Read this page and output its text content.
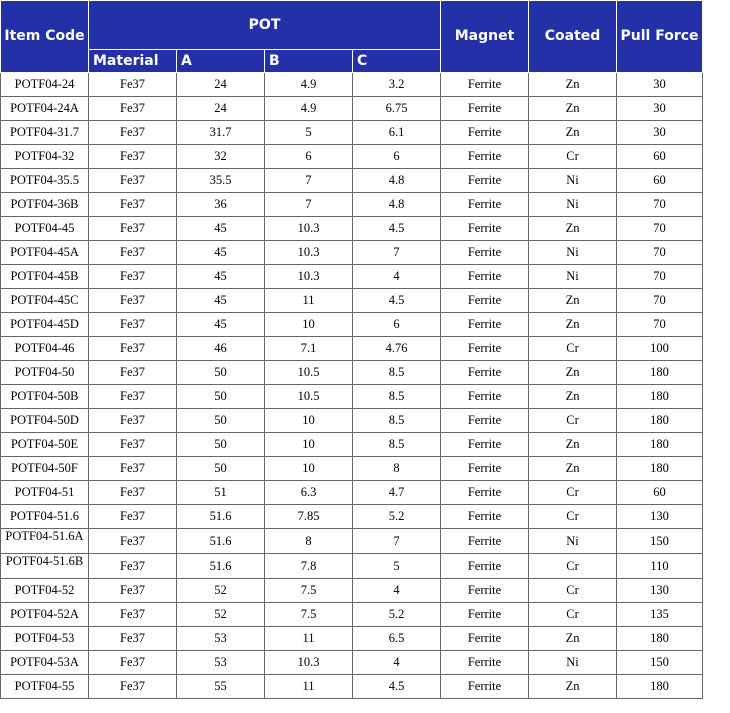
Item Code	POT				Magnet	Coated	Pull Force	
	Material	A	B	C				(N)
POTF04-24	Fe37	24	4.9	3.2	Ferrite	Zn	30	
POTF04-24A	Fe37	24	4.9	6.75	Ferrite	Zn	30	
POTF04-31.7	Fe37	31.7	5	6.1	Ferrite	Zn	30	
POTF04-32	Fe37	32	6	6	Ferrite	Cr	60	
POTF04-35.5	Fe37	35.5	7	4.8	Ferrite	Ni	60	
POTF04-36B	Fe37	36	7	4.8	Ferrite	Ni	70	
POTF04-45	Fe37	45	10.3	4.5	Ferrite	Zn	70	
POTF04-45A	Fe37	45	10.3	7	Ferrite	Ni	70	
POTF04-45B	Fe37	45	10.3	4	Ferrite	Ni	70	
POTF04-45C	Fe37	45	11	4.5	Ferrite	Zn	70	
POTF04-45D	Fe37	45	10	6	Ferrite	Zn	70	
POTF04-46	Fe37	46	7.1	4.76	Ferrite	Cr	100	
POTF04-50	Fe37	50	10.5	8.5	Ferrite	Zn	180	
POTF04-50B	Fe37	50	10.5	8.5	Ferrite	Zn	180	
POTF04-50D	Fe37	50	10	8.5	Ferrite	Cr	180	
POTF04-50E	Fe37	50	10	8.5	Ferrite	Zn	180	
POTF04-50F	Fe37	50	10	8	Ferrite	Zn	180	
POTF04-51	Fe37	51	6.3	4.7	Ferrite	Cr	60	
POTF04-51.6	Fe37	51.6	7.85	5.2	Ferrite	Cr	130	
POTF04-51.6A	Fe37	51.6	8	7	Ferrite	Ni	150	
POTF04-51.6B	Fe37	51.6	7.8	5	Ferrite	Cr	110	
POTF04-52	Fe37	52	7.5	4	Ferrite	Cr	130	
POTF04-52A	Fe37	52	7.5	5.2	Ferrite	Cr	135	
POTF04-53	Fe37	53	11	6.5	Ferrite	Zn	180	
POTF04-53A	Fe37	53	10.3	4	Ferrite	Ni	150	
POTF04-55	Fe37	55	11	4.5	Ferrite	Zn	180	
